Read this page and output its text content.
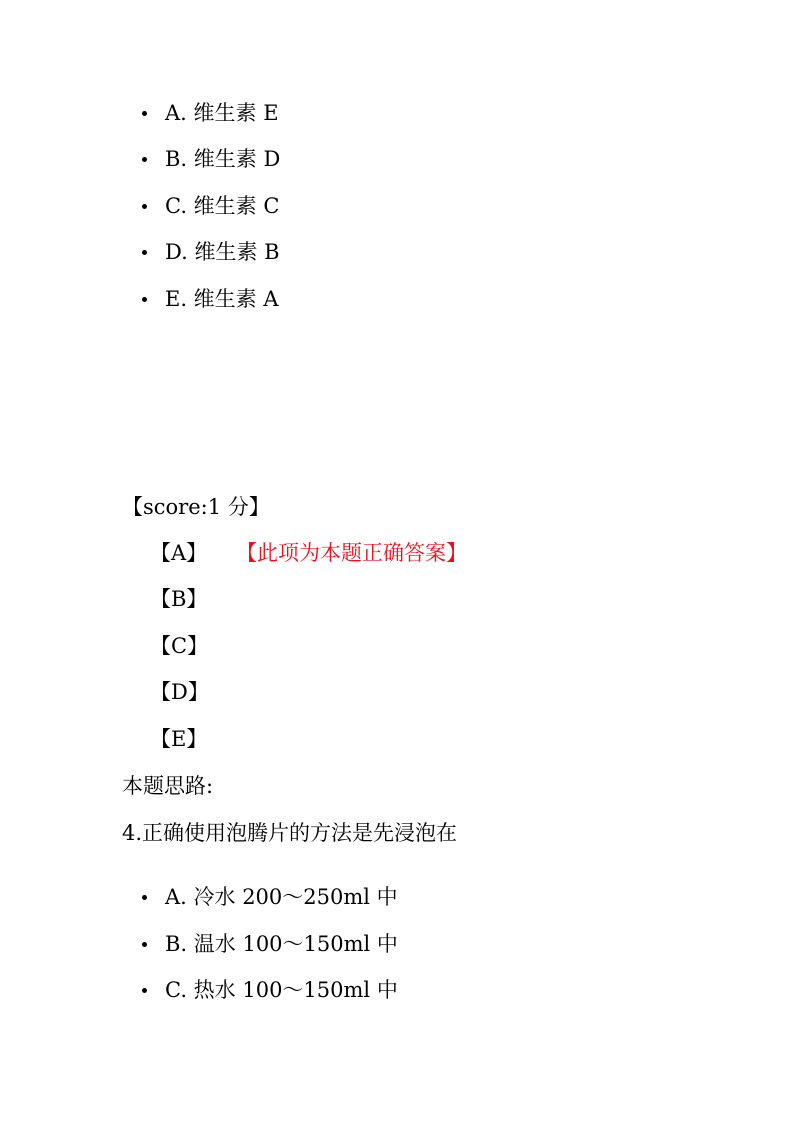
A. 维生素 E
B. 维生素 D
C. 维生素 C
D. 维生素 B
E. 维生素 A
【score:1 分】
【A】 【此项为本题正确答案】
【B】
【C】
【D】
【E】
本题思路:
4.正确使用泡腾片的方法是先浸泡在
A. 冷水 200～250ml 中
B. 温水 100～150ml 中
C. 热水 100～150ml 中
